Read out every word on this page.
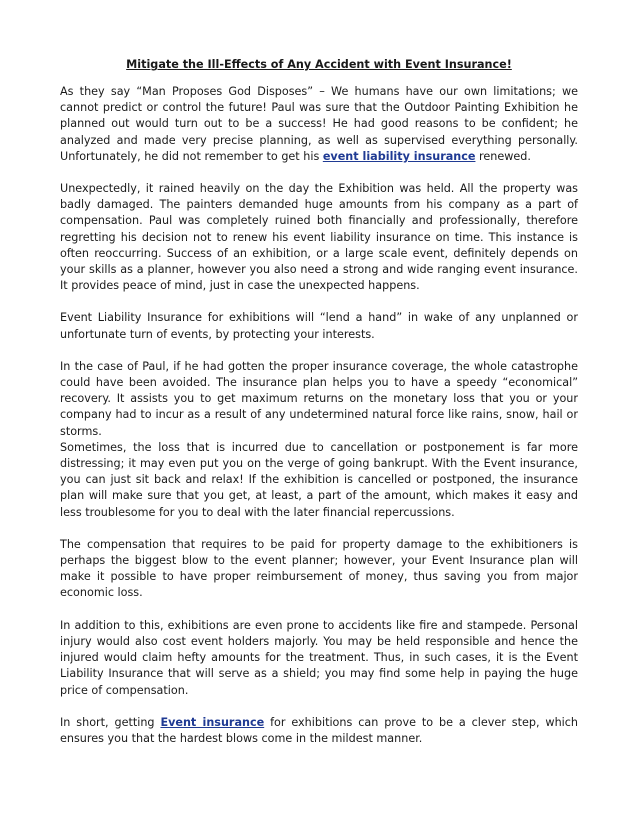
Mitigate the Ill-Effects of Any Accident with Event Insurance!
As they say “Man Proposes God Disposes” – We humans have our own limitations; we cannot predict or control the future! Paul was sure that the Outdoor Painting Exhibition he planned out would turn out to be a success! He had good reasons to be confident; he analyzed and made very precise planning, as well as supervised everything personally. Unfortunately, he did not remember to get his event liability insurance renewed.
Unexpectedly, it rained heavily on the day the Exhibition was held. All the property was badly damaged. The painters demanded huge amounts from his company as a part of compensation. Paul was completely ruined both financially and professionally, therefore regretting his decision not to renew his event liability insurance on time. This instance is often reoccurring. Success of an exhibition, or a large scale event, definitely depends on your skills as a planner, however you also need a strong and wide ranging event insurance. It provides peace of mind, just in case the unexpected happens.
Event Liability Insurance for exhibitions will “lend a hand” in wake of any unplanned or unfortunate turn of events, by protecting your interests.
In the case of Paul, if he had gotten the proper insurance coverage, the whole catastrophe could have been avoided. The insurance plan helps you to have a speedy “economical” recovery. It assists you to get maximum returns on the monetary loss that you or your company had to incur as a result of any undetermined natural force like rains, snow, hail or storms.
Sometimes, the loss that is incurred due to cancellation or postponement is far more distressing; it may even put you on the verge of going bankrupt. With the Event insurance, you can just sit back and relax! If the exhibition is cancelled or postponed, the insurance plan will make sure that you get, at least, a part of the amount, which makes it easy and less troublesome for you to deal with the later financial repercussions.
The compensation that requires to be paid for property damage to the exhibitioners is perhaps the biggest blow to the event planner; however, your Event Insurance plan will make it possible to have proper reimbursement of money, thus saving you from major economic loss.
In addition to this, exhibitions are even prone to accidents like fire and stampede. Personal injury would also cost event holders majorly. You may be held responsible and hence the injured would claim hefty amounts for the treatment. Thus, in such cases, it is the Event Liability Insurance that will serve as a shield; you may find some help in paying the huge price of compensation.
In short, getting Event insurance for exhibitions can prove to be a clever step, which ensures you that the hardest blows come in the mildest manner.
